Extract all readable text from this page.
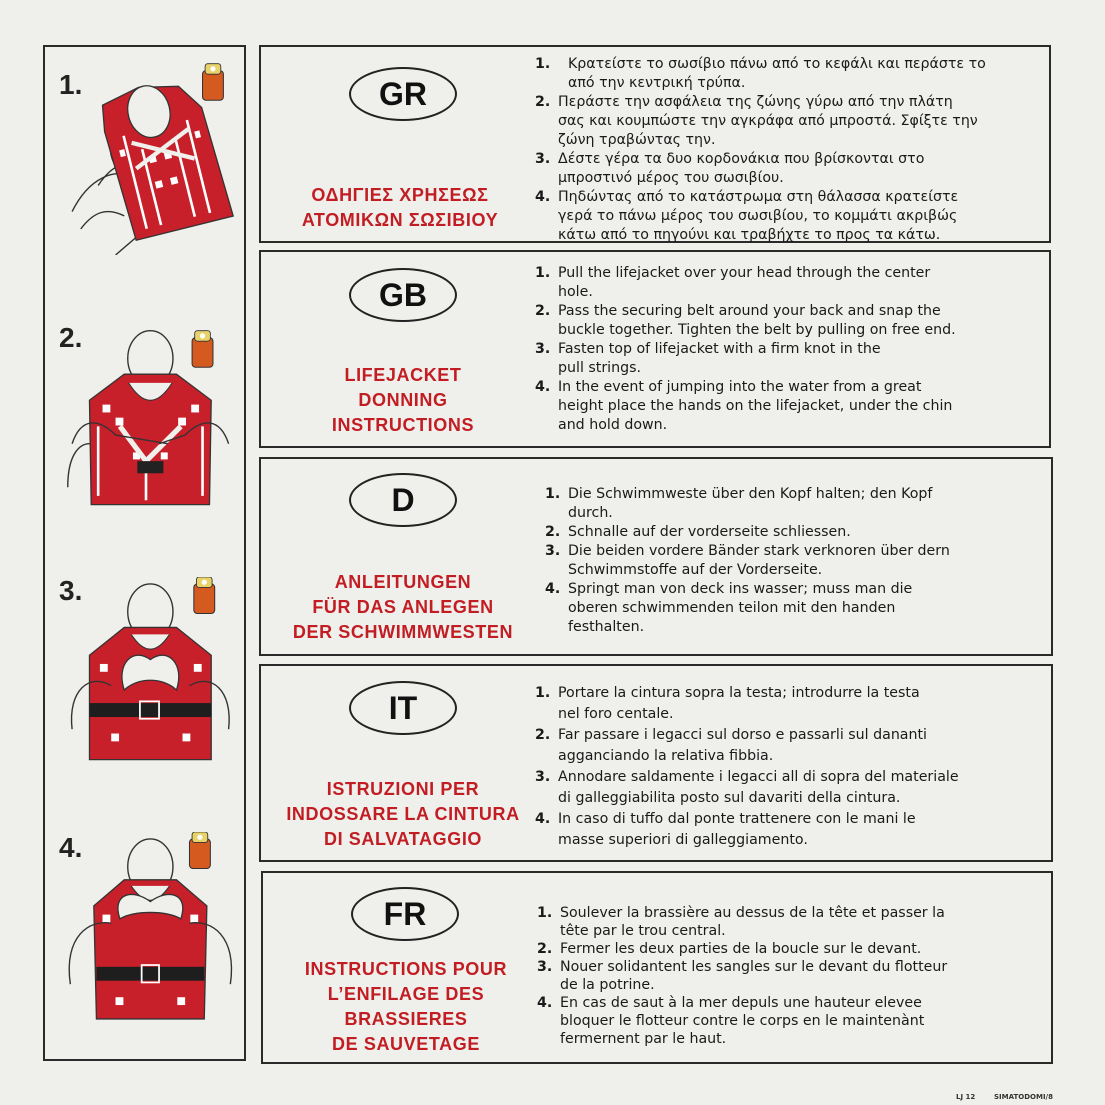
1.
2.
3.
4.
GR
ΟΔΗΓΙΕΣ ΧΡΗΣΕΩΣ
ΑΤΟΜΙΚΩΝ ΣΩΣΙΒΙΟΥ
1.	Κρατείστε το σωσίβιο πάνω από το κεφάλι και περάστε το
από την κεντρική τρύπα.
2. Περάστε την ασφάλεια της ζώνης γύρω από την πλάτη
σας και κουμπώστε την αγκράφα από μπροστά. Σφίξτε την
ζώνη τραβώντας την.
3. Δέστε γέρα τα δυο κορδονάκια που βρίσκονται στο
μπροστινό μέρος του σωσιβίου.
4. Πηδώντας από το κατάστρωμα στη θάλασσα κρατείστε
γερά το πάνω μέρος του σωσιβίου, το κομμάτι ακριβώς
κάτω από το πηγούνι και τραβήχτε το προς τα κάτω.
GB
LIFEJACKET
DONNING
INSTRUCTIONS
1. Pull the lifejacket over your head through the center
hole.
2. Pass the securing belt around your back and snap the
buckle together. Tighten the belt by pulling on free end.
3. Fasten top of lifejacket with a firm knot in the
pull strings.
4. In the event of jumping into the water from a great
height place the hands on the lifejacket, under the chin
and hold down.
D
ANLEITUNGEN
FÜR DAS ANLEGEN
DER SCHWIMMWESTEN
1. Die Schwimmweste über den Kopf halten; den Kopf
durch.
2. Schnalle auf der vorderseite schliessen.
3. Die beiden vordere Bänder stark verknoren über dern
Schwimmstoffe auf der Vorderseite.
4. Springt man von deck ins wasser; muss man die
oberen schwimmenden teilon mit den handen
festhalten.
IT
ISTRUZIONI PER
INDOSSARE LA CINTURA
DI SALVATAGGIO
1. Portare la cintura sopra la testa; introdurre la testa
nel foro centale.
2. Far passare i legacci sul dorso e passarli sul dananti
agganciando la relativa fibbia.
3. Annodare saldamente i legacci all di sopra del materiale
di galleggiabilita posto sul davariti della cintura.
4. In caso di tuffo dal ponte trattenere con le mani le
masse superiori di galleggiamento.
FR
INSTRUCTIONS POUR
L’ENFILAGE DES
BRASSIERES
DE SAUVETAGE
1. Soulever la brassière au dessus de la tête et passer la
tête par le trou central.
2. Fermer les deux parties de la boucle sur le devant.
3. Nouer solidantent les sangles sur le devant du flotteur
de la potrine.
4. En cas de saut à la mer depuls une hauteur elevee
bloquer le flotteur contre le corps en le maintenànt
fermernent par le haut.
LJ 12	SIMATODOMI/8
